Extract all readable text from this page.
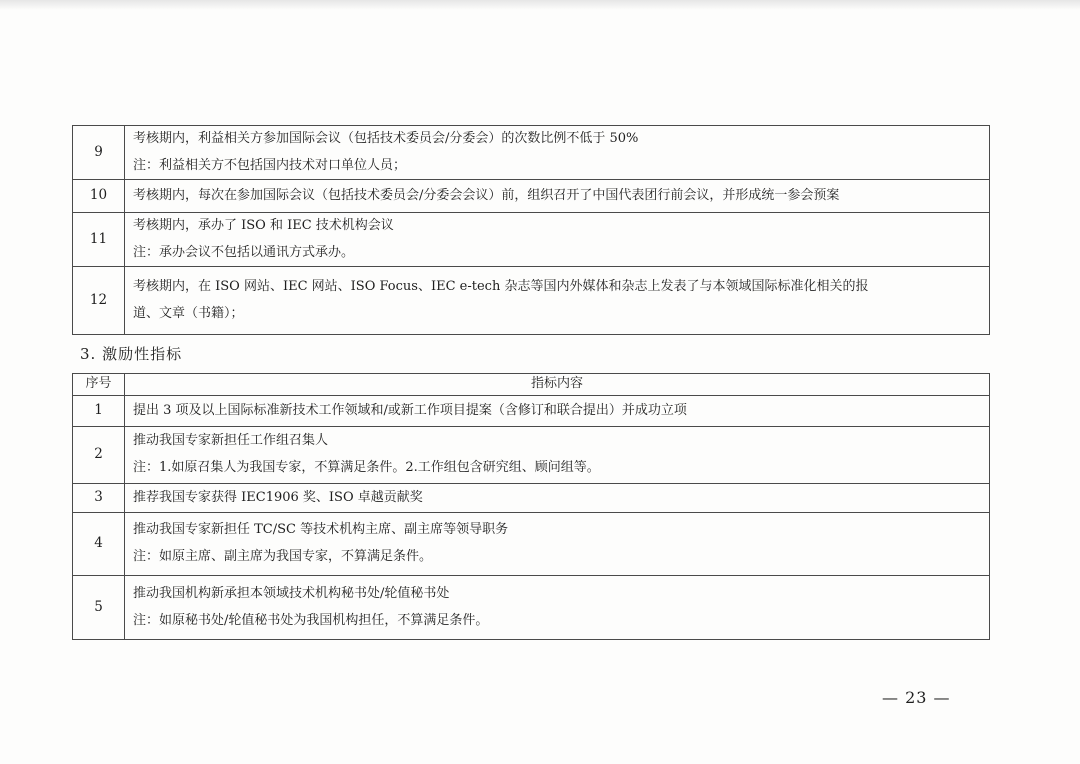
9	考核期内，利益相关方参加国际会议（包括技术委员会/分委会）的次数比例不低于 50%
注：利益相关方不包括国内技术对口单位人员；

10	考核期内，每次在参加国际会议（包括技术委员会/分委会会议）前，组织召开了中国代表团行前会议，并形成统一参会预案

11	考核期内，承办了 ISO 和 IEC 技术机构会议
注：承办会议不包括以通讯方式承办。

12	考核期内，在 ISO 网站、IEC 网站、ISO Focus、IEC e-tech 杂志等国内外媒体和杂志上发表了与本领域国际标准化相关的报
道、文章（书籍）；
3. 激励性指标
序号	指标内容
1	提出 3 项及以上国际标准新技术工作领域和/或新工作项目提案（含修订和联合提出）并成功立项

2	推动我国专家新担任工作组召集人
注：1.如原召集人为我国专家，不算满足条件。2.工作组包含研究组、顾问组等。

3	推荐我国专家获得 IEC1906 奖、ISO 卓越贡献奖

4	推动我国专家新担任 TC/SC 等技术机构主席、副主席等领导职务
注：如原主席、副主席为我国专家，不算满足条件。

5	推动我国机构新承担本领域技术机构秘书处/轮值秘书处
注：如原秘书处/轮值秘书处为我国机构担任，不算满足条件。
— 23 —
